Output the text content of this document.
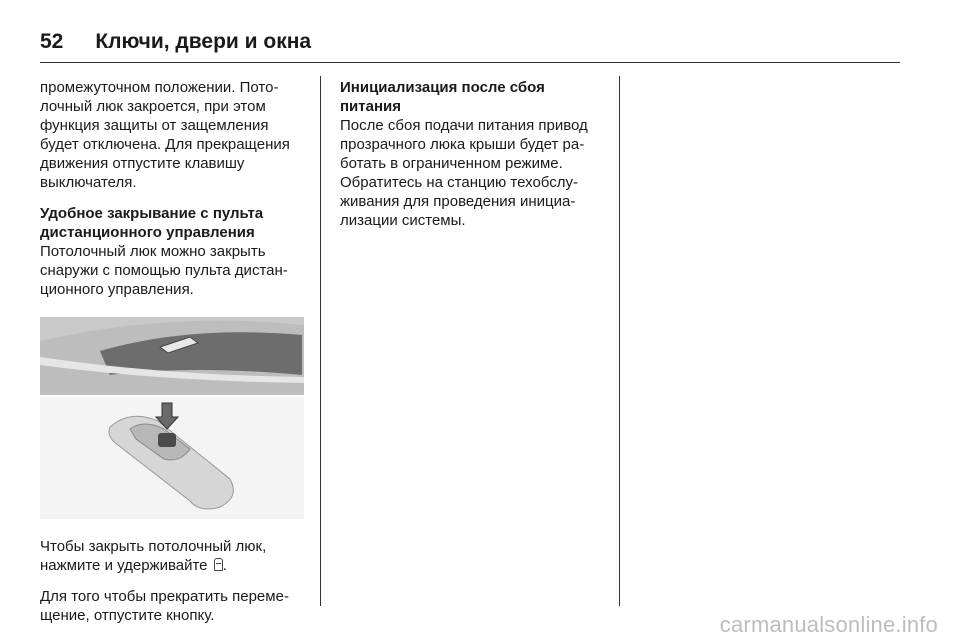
52 Ключи, двери и окна

промежуточном положении. Потолочный люк закроется, при этом функция защиты от защемления будет отключена. Для прекращения движения отпустите клавишу выключателя.

Удобное закрывание с пульта дистанционного управления

Потолочный люк можно закрыть снаружи с помощью пульта дистанционного управления.

Чтобы закрыть потолочный люк, нажмите и удерживайте .

Для того чтобы прекратить перемещение, отпустите кнопку.

Инициализация после сбоя питания

После сбоя подачи питания привод прозрачного люка крыши будет работать в ограниченном режиме. Обратитесь на станцию техобслуживания для проведения инициализации системы.

carmanualsonline.info
